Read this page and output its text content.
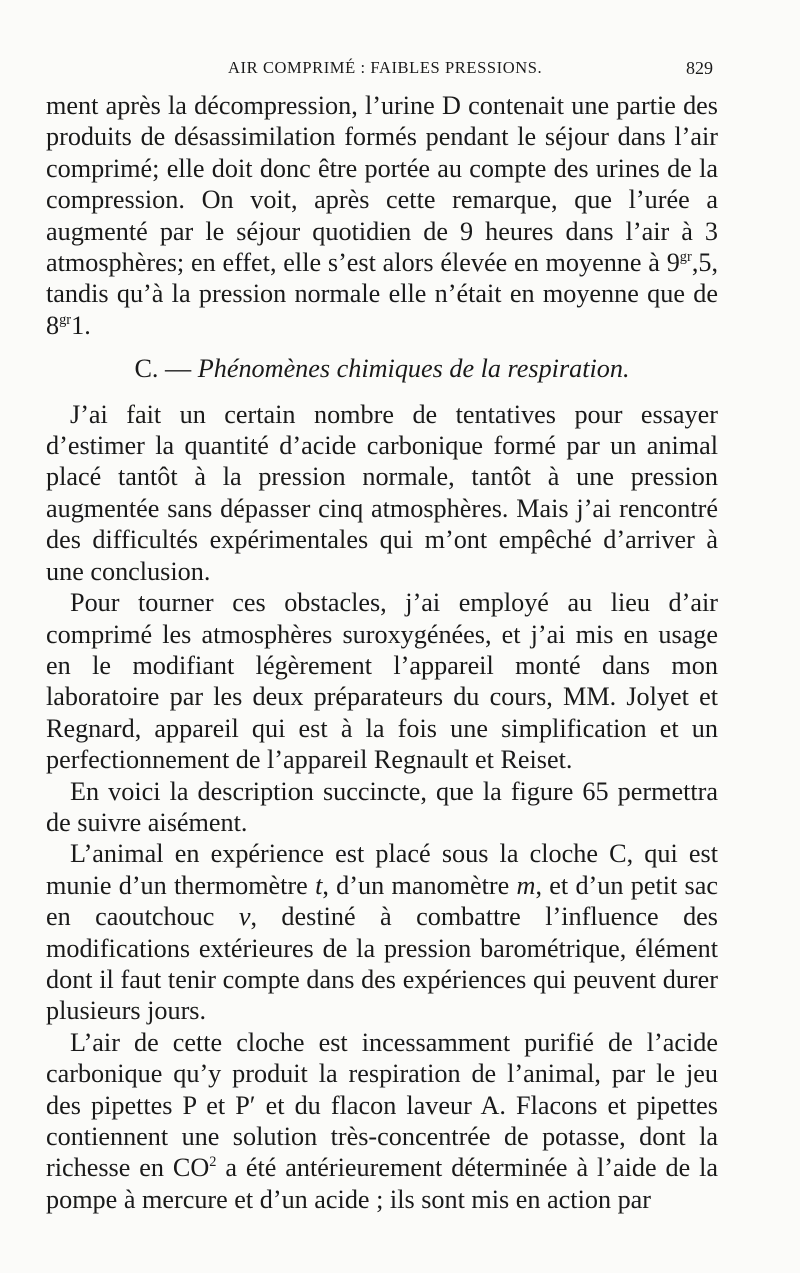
AIR COMPRIMÉ : FAIBLES PRESSIONS.	829

ment après la décompression, l’urine D contenait une partie des produits de désassimilation formés pendant le séjour dans l’air comprimé; elle doit donc être portée au compte des urines de la compression. On voit, après cette remarque, que l’urée a augmenté par le séjour quotidien de 9 heures dans l’air à 3 atmosphères; en effet, elle s’est alors élevée en moyenne à $9^{gr},5$, tandis qu’à la pression normale elle n’était en moyenne que de $8^{gr}1$.

C. — Phénomènes chimiques de la respiration.

J’ai fait un certain nombre de tentatives pour essayer d’estimer la quantité d’acide carbonique formé par un animal placé tantôt à la pression normale, tantôt à une pression augmentée sans dépasser cinq atmosphères. Mais j’ai rencontré des difficultés expérimentales qui m’ont empêché d’arriver à une conclusion.

Pour tourner ces obstacles, j’ai employé au lieu d’air comprimé les atmosphères suroxygénées, et j’ai mis en usage en le modifiant légèrement l’appareil monté dans mon laboratoire par les deux préparateurs du cours, MM. Jolyet et Regnard, appareil qui est à la fois une simplification et un perfectionnement de l’appareil Regnault et Reiset.

En voici la description succincte, que la figure 65 permettra de suivre aisément.

L’animal en expérience est placé sous la cloche C, qui est munie d’un thermomètre t, d’un manomètre m, et d’un petit sac en caoutchouc v, destiné à combattre l’influence des modifications extérieures de la pression barométrique, élément dont il faut tenir compte dans des expériences qui peuvent durer plusieurs jours.

L’air de cette cloche est incessamment purifié de l’acide carbonique qu’y produit la respiration de l’animal, par le jeu des pipettes P et P′ et du flacon laveur A. Flacons et pipettes contiennent une solution très-concentrée de potasse, dont la richesse en $CO^2$ a été antérieurement déterminée à l’aide de la pompe à mercure et d’un acide ; ils sont mis en action par
